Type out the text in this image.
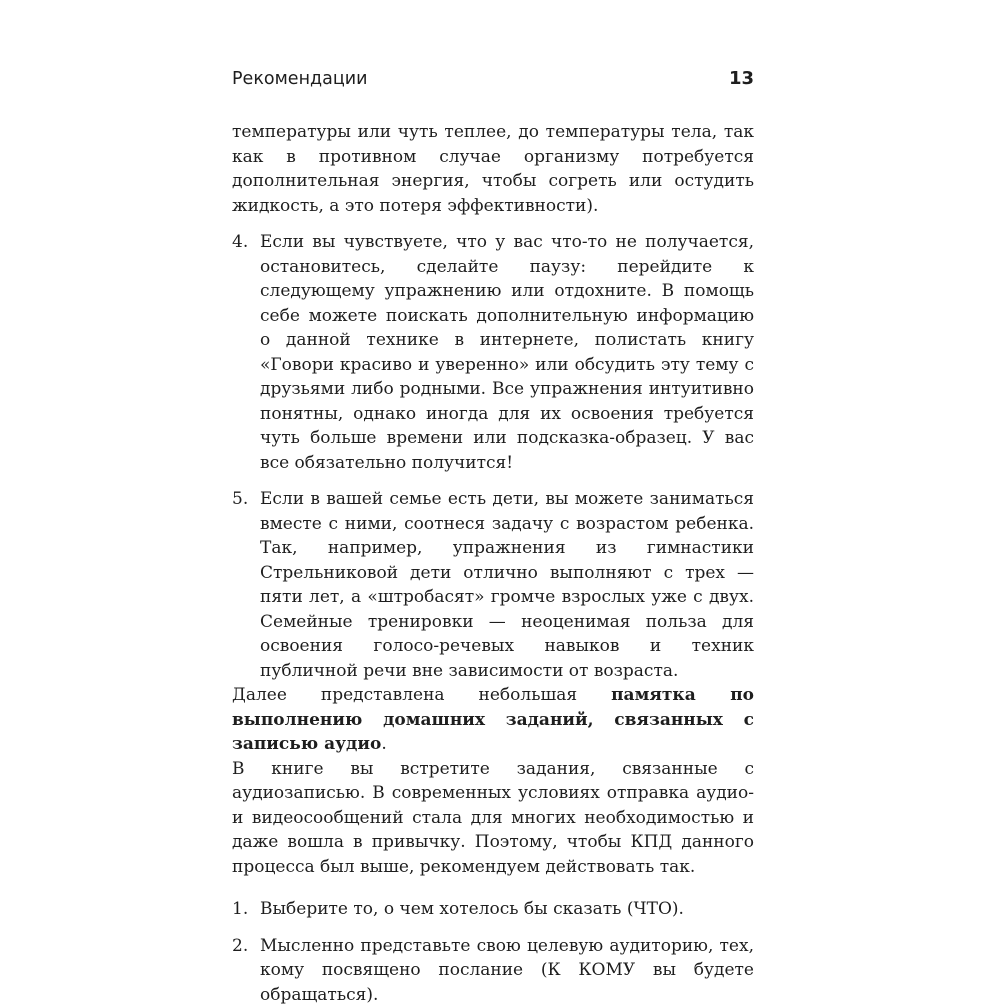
Рекомендации	13

температуры или чуть теплее, до температуры тела, так как в противном случае организму потребуется дополнительная энергия, чтобы согреть или остудить жидкость, а это потеря эффективности).

4. Если вы чувствуете, что у вас что-то не получается, остановитесь, сделайте паузу: перейдите к следующему упражнению или отдохните. В помощь себе можете поискать дополнительную информацию о данной технике в интернете, полистать книгу «Говори красиво и уверенно» или обсудить эту тему с друзьями либо родными. Все упражнения интуитивно понятны, однако иногда для их освоения требуется чуть больше времени или подсказка-образец. У вас все обязательно получится!
5. Если в вашей семье есть дети, вы можете заниматься вместе с ними, соотнеся задачу с возрастом ребенка. Так, например, упражнения из гимнастики Стрельниковой дети отлично выполняют с трех — пяти лет, а «штробасят» громче взрослых уже с двух. Семейные тренировки — неоценимая польза для освоения голосо-речевых навыков и техник публичной речи вне зависимости от возраста.

Далее представлена небольшая памятка по выполнению домашних заданий, связанных с записью аудио.

В книге вы встретите задания, связанные с аудиозаписью. В современных условиях отправка аудио- и видеосообщений стала для многих необходимостью и даже вошла в привычку. Поэтому, чтобы КПД данного процесса был выше, рекомендуем действовать так.

1. Выберите то, о чем хотелось бы сказать (ЧТО).
2. Мысленно представьте свою целевую аудиторию, тех, кому посвящено послание (К КОМУ вы будете обращаться).
